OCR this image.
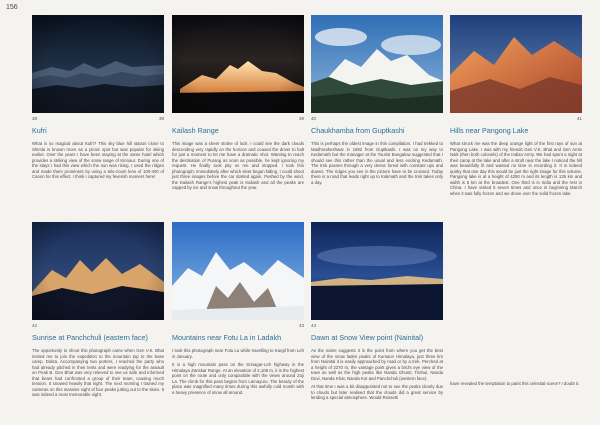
156
38	39
Kufri
What is so magical about Kufri? This sky blue hill station close to Shimla is known more as a picnic spot but was popular for skiing earlier. Over the years I have been staying at the same hotel which provides a striking view of the snow range of Kinnaur. During one of the stays I had this view which the sun was rising. I used the ridges and made them prominent by using a tele-zoom lens of 100-400 of Canon for this effect. I think I captured my feverish moment here!
39
Kailash Range
This image was a sheer stroke of luck. I could see the dark clouds descending very rapidly on the horizon and coaxed the driver to halt for just a moment to let me have a dramatic shot. Wanting to reach the destination of Purang as soon as possible, he kept ignoring my request. He finally took pity on me and stopped. I took this photograph; immediately after which sleet began falling. I could shoot just three images before the car started again. Pushed by the wind, the Kailash Range's highest peak is Kailash and all the peaks are capped by ice and snow throughout the year.
40
Chaukhamba from Guptkashi
This is perhaps the oldest image in this compilation. I had trekked to Madhmaheshwar in 1982 from Guptkashi. I was on my way to Kedarnath but the manager at the Tourist Bungalow suggested that I should see this rather than the usual and less exciting Kedarnath. The trek passes through a very dense forest with constant ups and downs. The ridges you see in the picture have to be crossed. Today there is a road that leads right up to Kalimath and the trek takes only a day.
41
Hills near Pangong Lake
What struck me was the deep orange light of the first rays of sun at Pangong Lake. I was with my friends Gen V.K. Bhat and Gen Amin Naik (then both colonels) of the Indian Army. We had spent a night at their camp at the lake and after a stroll near the lake I noticed the hill was beautifully lit and wasted no time in recording it. It is indeed quirky that one day this would be just the right image for this volume. Pangong lake is at a height of 4250 m and its length is 135 km and width is 5 km at the broadest. One third is in India and the rest in China. I have visited it seven times and once in beginning March when it was fully frozen and we drove over the solid frozen lake.
42
Sunrise at Panchchuli (eastern face)
The opportunity to shoot this photograph came when Gen V.K. Bhat invited me to join the expedition to the mountain top to the base camp. Dukta. Accompanying two porters, I reached the party who had already pitched in their tents and were readying for the assault on Peak B. Gen Bhat was very relieved to see us safe and informed that bears had confronted a group of their team, causing much tension. It snowed heavily that night. The next morning I trained my cameras on this massive sight of four peaks jutting out to the skies. It was indeed a most memorable sight.
43
Mountains near Fotu La in Ladakh
I took this photograph near Fotu La while travelling to Kargil from Leh in January.
It is a high mountain pass on the Srinagar-Leh highway in the Himalaya Zanskar Range. At an elevation of 4,108 m, it is the highest point on the route and only comparable with the views around Zoji La. The climb for this pass begins from Lamayuru. The beauty of the place was magnified many times during this awfully cold month with a heavy presence of snow all around.
44
Dawn at Snow View point (Nainital)
As the name suggests it is the point from where you get the best view of the snow laden peaks of Kumaon Himalaya, just three km from Nainital it is easily approached by road or by a trek. Perched at a height of 2270 m, the vantage point gives a bird's eye view of the town as well as the high peaks like Nanda Ghunti, Trishul, Nanda Devi, Nanda Khat, Nanda Kot and Panchchuli (western face).
At that time I was a bit disappointed not to see the peaks clearly due to clouds but later realised that the clouds did a great service by lending a special atmosphere. Would Rossetti
have revealed the temptation to paint this celestial scene? I doubt it.
